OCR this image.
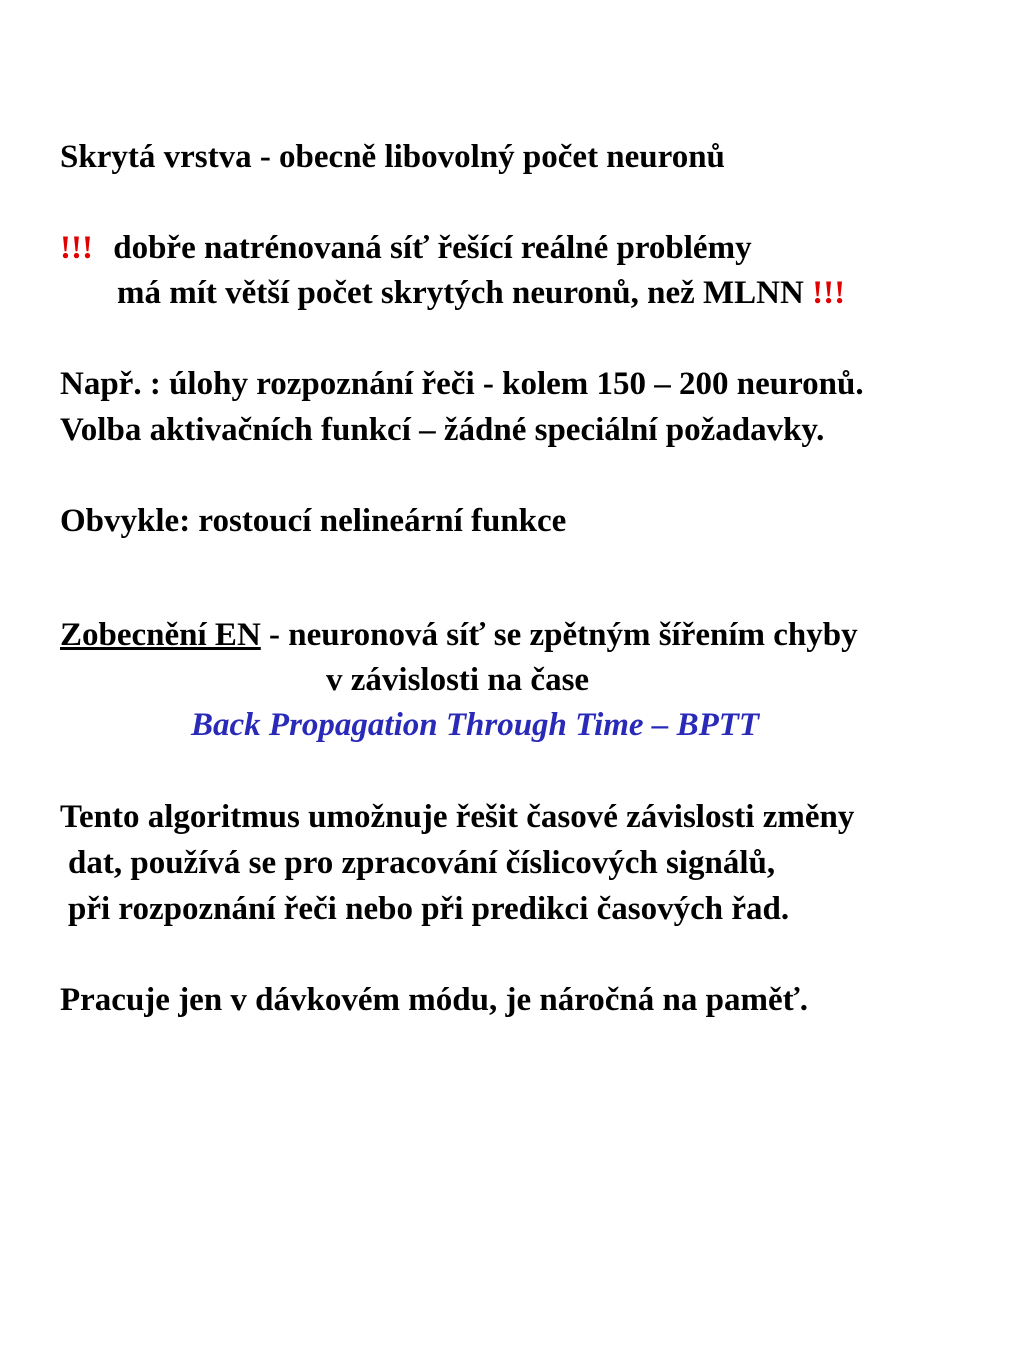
Skrytá vrstva - obecně libovolný počet neuronů
!!! dobře natrénovaná síť řešící reálné problémy
má mít větší počet skrytých neuronů, než MLNN !!!
Např. : úlohy rozpoznání řeči - kolem 150 – 200 neuronů.
Volba aktivačních funkcí – žádné speciální požadavky.
Obvykle: rostoucí nelineární funkce
Zobecnění EN - neuronová síť se zpětným šířením chyby
v závislosti na čase
Back Propagation Through Time – BPTT
Tento algoritmus umožnuje řešit časové závislosti změny
dat, používá se pro zpracování číslicových signálů,
při rozpoznání řeči nebo při predikci časových řad.
Pracuje jen v dávkovém módu, je náročná na paměť.
